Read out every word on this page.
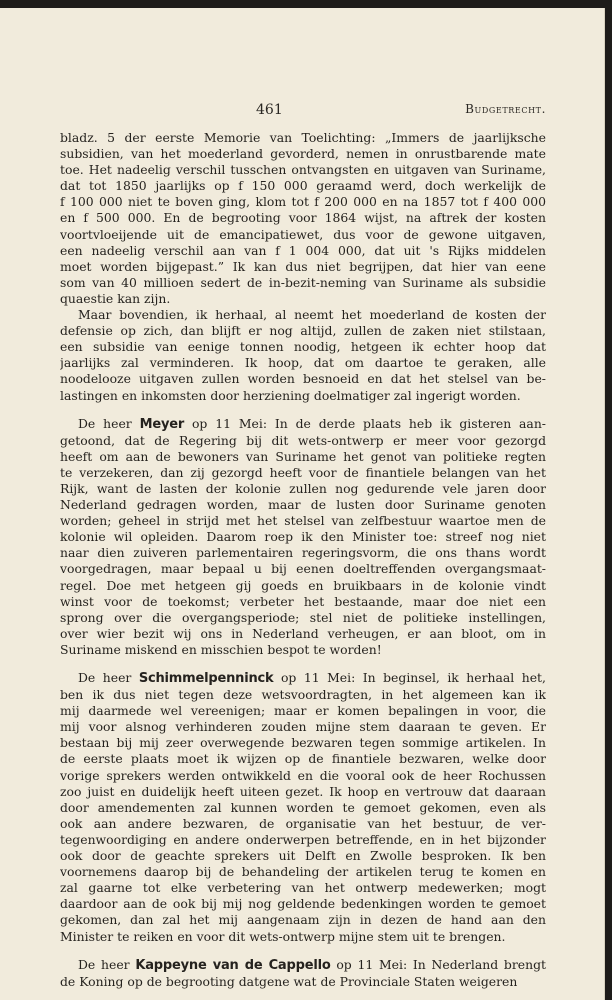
461	Budgetrecht.
bladz. 5 der eerste Memorie van Toelichting: „Immers de jaarlijksche
subsidien, van het moederland gevorderd, nemen in onrustbarende mate
toe. Het nadeelig verschil tusschen ontvangsten en uitgaven van Suriname,
dat tot 1850 jaarlijks op f 150 000 geraamd werd, doch werkelijk de
f 100 000 niet te boven ging, klom tot f 200 000 en na 1857 tot f 400 000
en f 500 000. En de begrooting voor 1864 wijst, na aftrek der kosten
voortvloeijende uit de emancipatiewet, dus voor de gewone uitgaven,
een nadeelig verschil aan van f 1 004 000, dat uit 's Rijks middelen
moet worden bijgepast.” Ik kan dus niet begrijpen, dat hier van eene
som van 40 millioen sedert de in-bezit-neming van Suriname als subsidie
quaestie kan zijn.
Maar bovendien, ik herhaal, al neemt het moederland de kosten der
defensie op zich, dan blijft er nog altijd, zullen de zaken niet stilstaan,
een subsidie van eenige tonnen noodig, hetgeen ik echter hoop dat
jaarlijks zal verminderen. Ik hoop, dat om daartoe te geraken, alle
noodelooze uitgaven zullen worden besnoeid en dat het stelsel van be-
lastingen en inkomsten door herziening doelmatiger zal ingerigt worden.
De heer Meyer op 11 Mei: In de derde plaats heb ik gisteren aan-
getoond, dat de Regering bij dit wets-ontwerp er meer voor gezorgd
heeft om aan de bewoners van Suriname het genot van politieke regten
te verzekeren, dan zij gezorgd heeft voor de finantiele belangen van het
Rijk, want de lasten der kolonie zullen nog gedurende vele jaren door
Nederland gedragen worden, maar de lusten door Suriname genoten
worden; geheel in strijd met het stelsel van zelfbestuur waartoe men de
kolonie wil opleiden. Daarom roep ik den Minister toe: streef nog niet
naar dien zuiveren parlementairen regeringsvorm, die ons thans wordt
voorgedragen, maar bepaal u bij eenen doeltreffenden overgangsmaat-
regel. Doe met hetgeen gij goeds en bruikbaars in de kolonie vindt
winst voor de toekomst; verbeter het bestaande, maar doe niet een
sprong over die overgangsperiode; stel niet de politieke instellingen,
over wier bezit wij ons in Nederland verheugen, er aan bloot, om in
Suriname miskend en misschien bespot te worden!
De heer Schimmelpenninck op 11 Mei: In beginsel, ik herhaal het,
ben ik dus niet tegen deze wetsvoordragten, in het algemeen kan ik
mij daarmede wel vereenigen; maar er komen bepalingen in voor, die
mij voor alsnog verhinderen zouden mijne stem daaraan te geven. Er
bestaan bij mij zeer overwegende bezwaren tegen sommige artikelen. In
de eerste plaats moet ik wijzen op de finantiele bezwaren, welke door
vorige sprekers werden ontwikkeld en die vooral ook de heer Rochussen
zoo juist en duidelijk heeft uiteen gezet. Ik hoop en vertrouw dat daaraan
door amendementen zal kunnen worden te gemoet gekomen, even als
ook aan andere bezwaren, de organisatie van het bestuur, de ver-
tegenwoordiging en andere onderwerpen betreffende, en in het bijzonder
ook door de geachte sprekers uit Delft en Zwolle besproken. Ik ben
voornemens daarop bij de behandeling der artikelen terug te komen en
zal gaarne tot elke verbetering van het ontwerp medewerken; mogt
daardoor aan de ook bij mij nog geldende bedenkingen worden te gemoet
gekomen, dan zal het mij aangenaam zijn in dezen de hand aan den
Minister te reiken en voor dit wets-ontwerp mijne stem uit te brengen.
De heer Kappeyne van de Cappello op 11 Mei: In Nederland brengt
de Koning op de begrooting datgene wat de Provinciale Staten weigeren
